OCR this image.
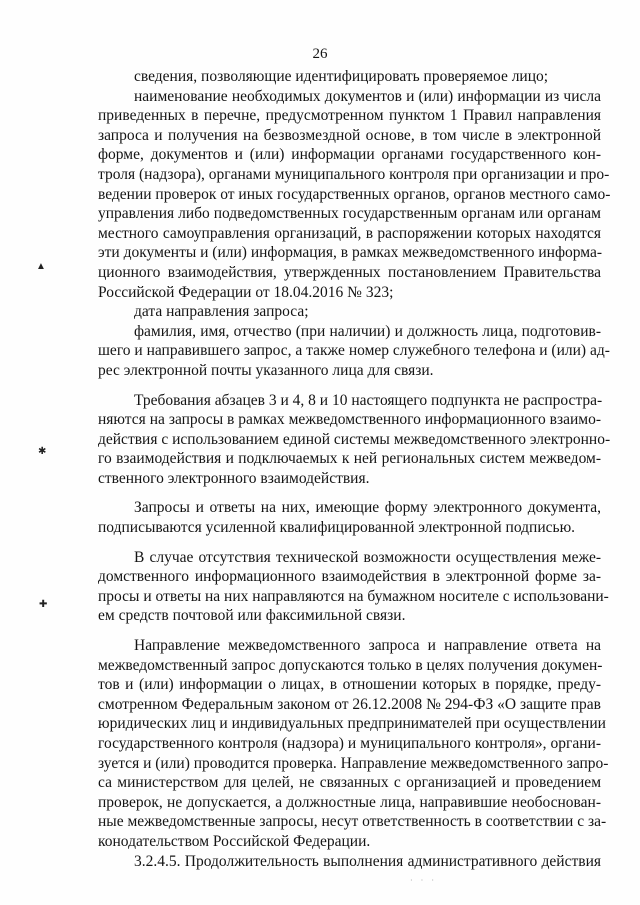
26
сведения, позволяющие идентифицировать проверяемое лицо;
наименование необходимых документов и (или) информации из числа
приведенных в перечне, предусмотренном пунктом 1 Правил направления
запроса и получения на безвозмездной основе, в том числе в электронной
форме, документов и (или) информации органами государственного кон-
троля (надзора), органами муниципального контроля при организации и про-
ведении проверок от иных государственных органов, органов местного само-
управления либо подведомственных государственным органам или органам
местного самоуправления организаций, в распоряжении которых находятся
эти документы и (или) информация, в рамках межведомственного информа-
ционного взаимодействия, утвержденных постановлением Правительства
Российской Федерации от 18.04.2016 № 323;
дата направления запроса;
фамилия, имя, отчество (при наличии) и должность лица, подготовив-
шего и направившего запрос, а также номер служебного телефона и (или) ад-
рес электронной почты указанного лица для связи.
Требования абзацев 3 и 4, 8 и 10 настоящего подпункта не распростра-
няются на запросы в рамках межведомственного информационного взаимо-
действия с использованием единой системы межведомственного электронно-
го взаимодействия и подключаемых к ней региональных систем межведом-
ственного электронного взаимодействия.
Запросы и ответы на них, имеющие форму электронного документа,
подписываются усиленной квалифицированной электронной подписью.
В случае отсутствия технической возможности осуществления меже-
домственного информационного взаимодействия в электронной форме за-
просы и ответы на них направляются на бумажном носителе с использовани-
ем средств почтовой или факсимильной связи.
Направление межведомственного запроса и направление ответа на
межведомственный запрос допускаются только в целях получения докумен-
тов и (или) информации о лицах, в отношении которых в порядке, преду-
смотренном Федеральным законом от 26.12.2008 № 294-ФЗ «О защите прав
юридических лиц и индивидуальных предпринимателей при осуществлении
государственного контроля (надзора) и муниципального контроля», органи-
зуется и (или) проводится проверка. Направление межведомственного запро-
са министерством для целей, не связанных с организацией и проведением
проверок, не допускается, а должностные лица, направившие необоснован-
ные межведомственные запросы, несут ответственность в соответствии с за-
конодательством Российской Федерации.
3.2.4.5. Продолжительность выполнения административного действия
▲
✱
✚
· · ·
